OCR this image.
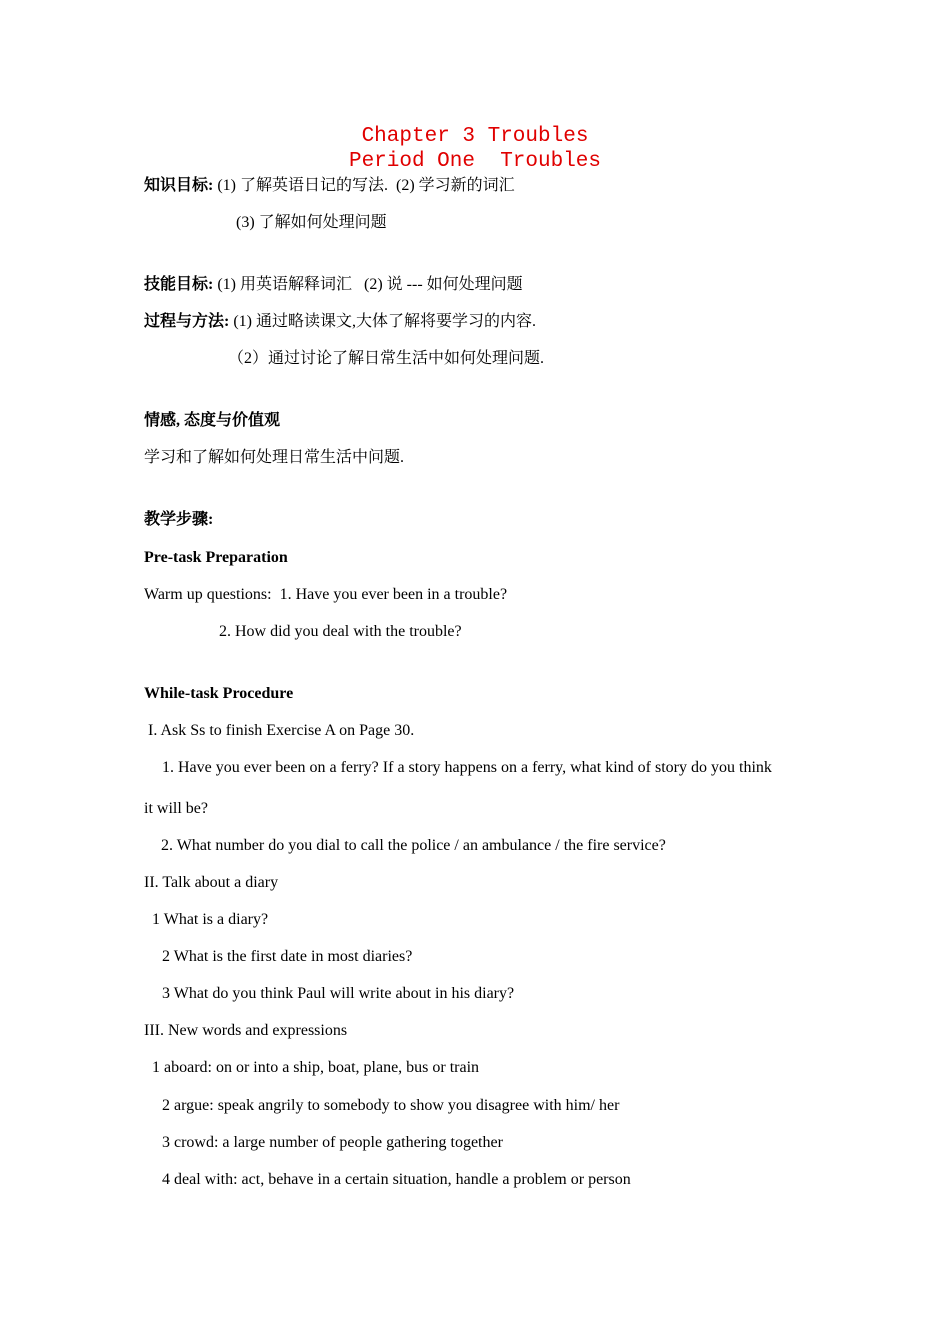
Chapter 3 Troubles
Period One  Troubles
知识目标: (1) 了解英语日记的写法.  (2) 学习新的词汇
(3) 了解如何处理问题
技能目标: (1) 用英语解释词汇   (2) 说 --- 如何处理问题
过程与方法: (1) 通过略读课文,大体了解将要学习的内容.
（2）通过讨论了解日常生活中如何处理问题.
情感, 态度与价值观
学习和了解如何处理日常生活中问题.
教学步骤:
Pre-task Preparation
Warm up questions:  1. Have you ever been in a trouble?
2. How did you deal with the trouble?
While-task Procedure
I. Ask Ss to finish Exercise A on Page 30.
1. Have you ever been on a ferry? If a story happens on a ferry, what kind of story do you think
it will be?
2. What number do you dial to call the police / an ambulance / the fire service?
II. Talk about a diary
1 What is a diary?
2 What is the first date in most diaries?
3 What do you think Paul will write about in his diary?
III. New words and expressions
1 aboard: on or into a ship, boat, plane, bus or train
2 argue: speak angrily to somebody to show you disagree with him/ her
3 crowd: a large number of people gathering together
4 deal with: act, behave in a certain situation, handle a problem or person
